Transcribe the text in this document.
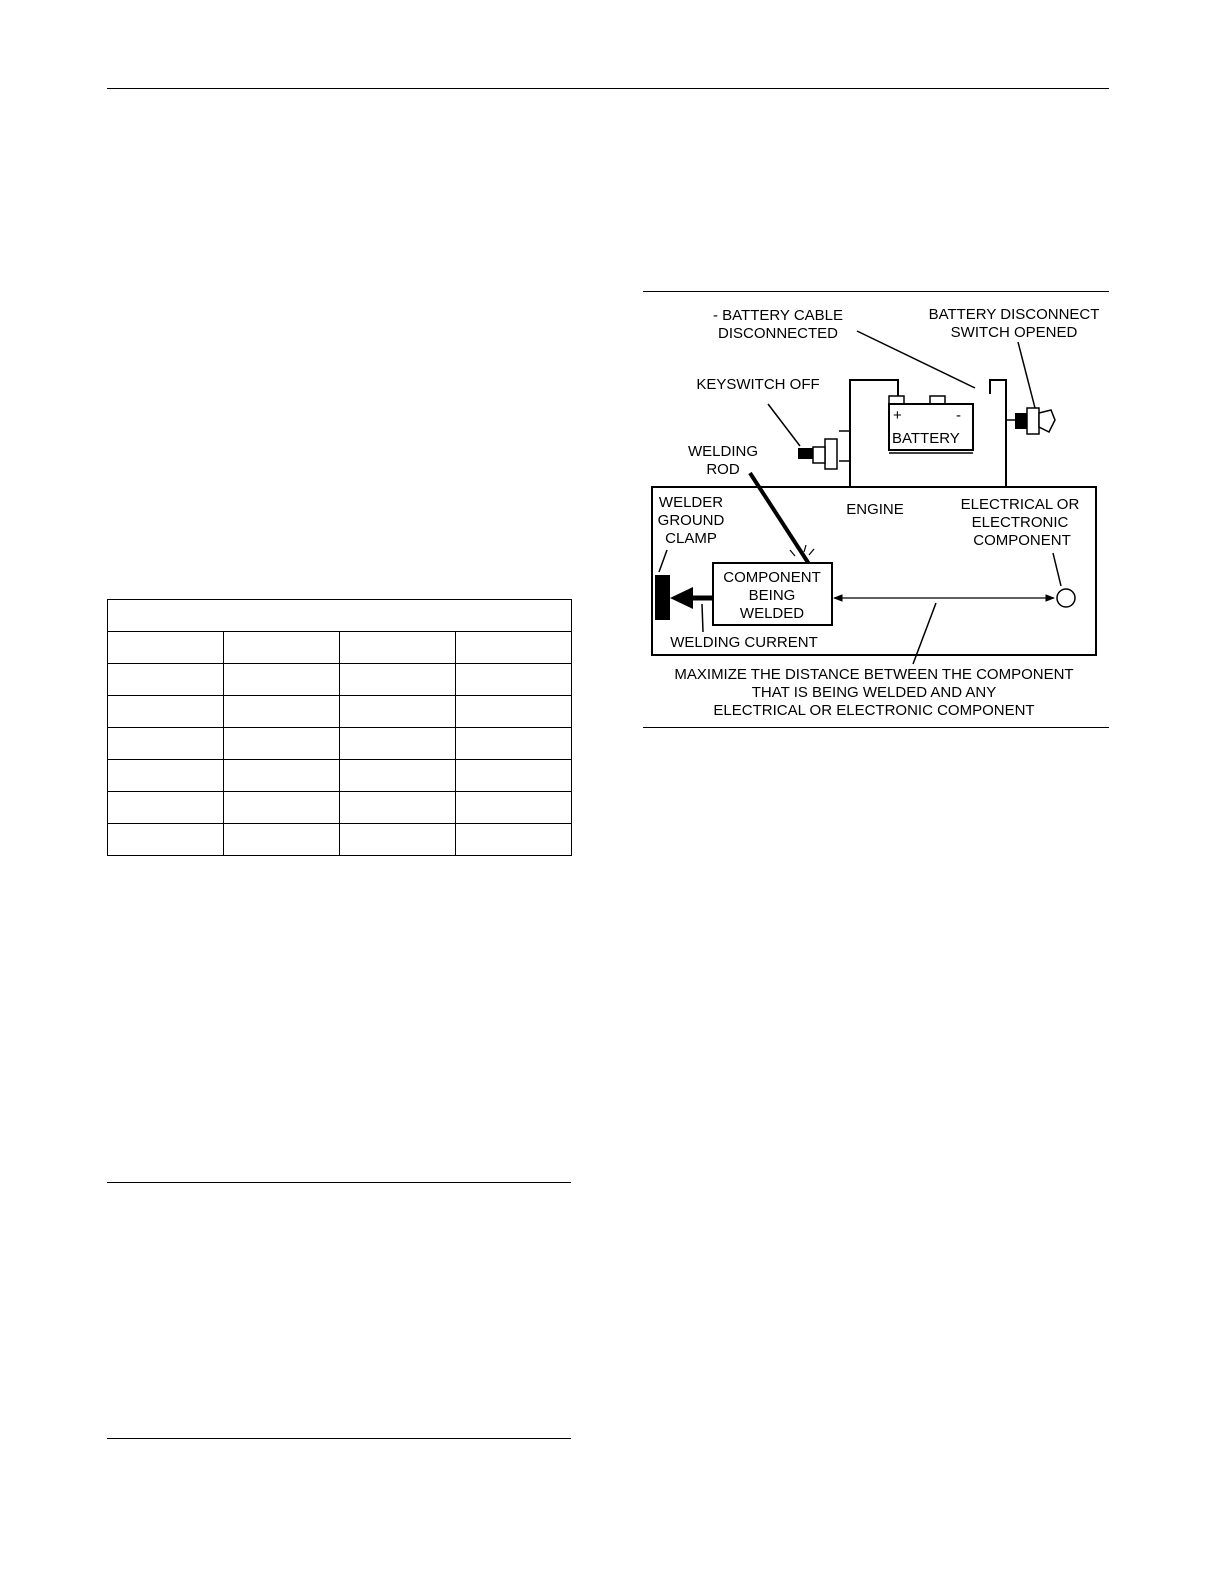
+	-
BATTERY
COMPONENT
BEING
WELDED
- BATTERY CABLE
DISCONNECTED
BATTERY DISCONNECT
SWITCH OPENED
KEYSWITCH OFF
WELDING
ROD
WELDER
GROUND
CLAMP
ENGINE	ELECTRICAL OR
ELECTRONIC
COMPONENT
WELDING CURRENT
MAXIMIZE THE DISTANCE BETWEEN THE COMPONENT
THAT IS BEING WELDED AND ANY
ELECTRICAL OR ELECTRONIC COMPONENT
